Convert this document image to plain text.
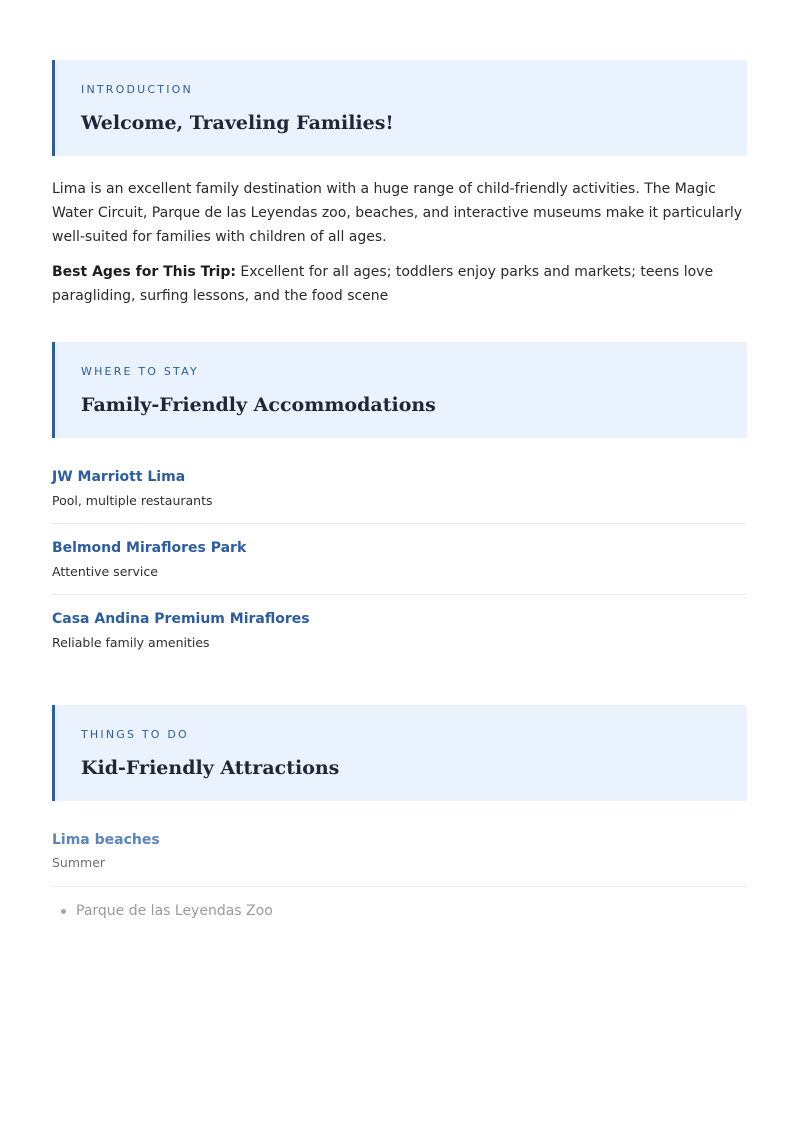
INTRODUCTION
Welcome, Traveling Families!

Lima is an excellent family destination with a huge range of child-friendly activities. The Magic Water Circuit, Parque de las Leyendas zoo, beaches, and interactive museums make it particularly well-suited for families with children of all ages.

Best Ages for This Trip: Excellent for all ages; toddlers enjoy parks and markets; teens love paragliding, surfing lessons, and the food scene

WHERE TO STAY
Family-Friendly Accommodations
JW Marriott Lima
Pool, multiple restaurants
Belmond Miraflores Park
Attentive service
Casa Andina Premium Miraflores
Reliable family amenities
THINGS TO DO
Kid-Friendly Attractions
Lima beaches
Summer
Parque de las Leyendas Zoo
